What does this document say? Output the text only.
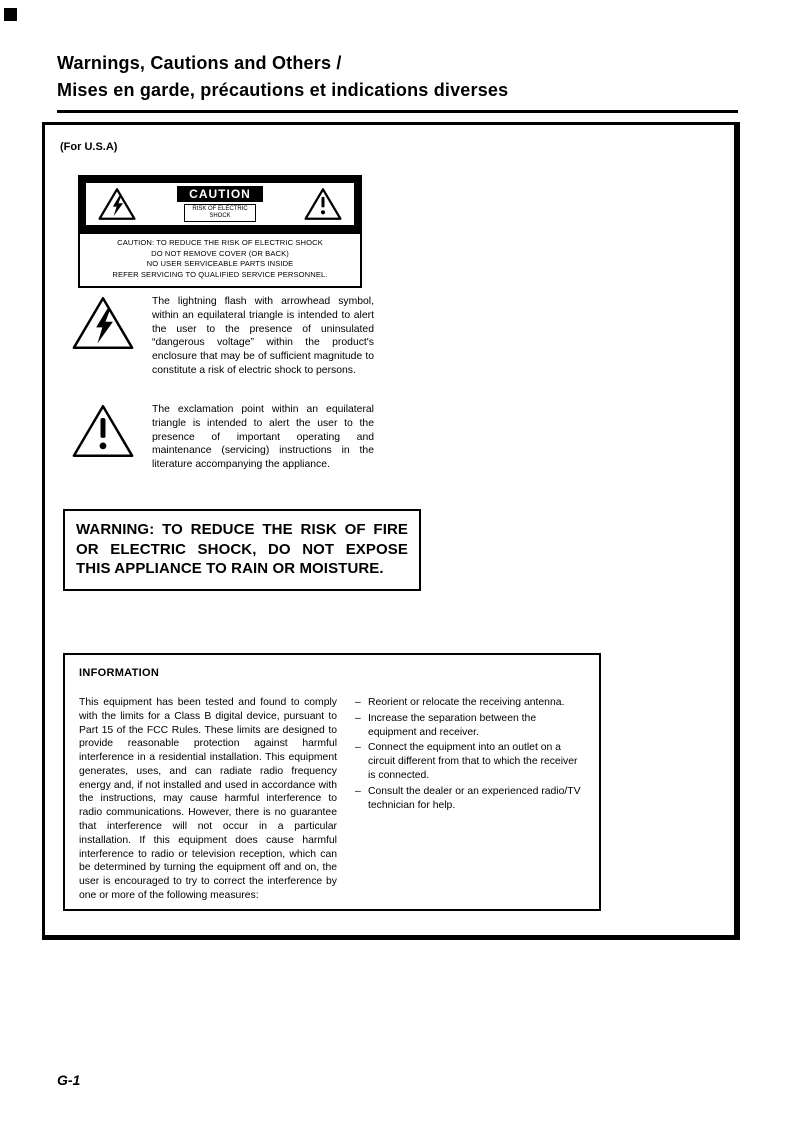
Warnings, Cautions and Others /
Mises en garde, précautions et indications diverses
(For U.S.A)
CAUTION
RISK OF ELECTRIC SHOCK
CAUTION: TO REDUCE THE RISK OF ELECTRIC SHOCK
DO NOT REMOVE COVER (OR BACK)
NO USER SERVICEABLE PARTS INSIDE
REFER SERVICING TO QUALIFIED SERVICE PERSONNEL.

The lightning flash with arrowhead symbol, within an equilateral triangle is intended to alert the user to the presence of uninsulated “dangerous voltage” within the product's enclosure that may be of sufficient magnitude to constitute a risk of electric shock to persons.

The exclamation point within an equilateral triangle is intended to alert the user to the presence of important operating and maintenance (servicing) instructions in the literature accompanying the appliance.

WARNING: TO REDUCE THE RISK OF FIRE OR ELECTRIC SHOCK, DO NOT EXPOSE THIS APPLIANCE TO RAIN OR MOISTURE.
INFORMATION

This equipment has been tested and found to comply with the limits for a Class B digital device, pursuant to Part 15 of the FCC Rules. These limits are designed to provide reasonable protection against harmful interference in a residential installation. This equipment generates, uses, and can radiate radio frequency energy and, if not installed and used in accordance with the instructions, may cause harmful interference to radio communications. However, there is no guarantee that interference will not occur in a particular installation. If this equipment does cause harmful interference to radio or television reception, which can be determined by turning the equipment off and on, the user is encouraged to try to correct the interference by one or more of the following measures:

– Reorient or relocate the receiving antenna.
– Increase the separation between the equipment and receiver.
– Connect the equipment into an outlet on a circuit different from that to which the receiver is connected.
– Consult the dealer or an experienced radio/TV technician for help.
G-1
